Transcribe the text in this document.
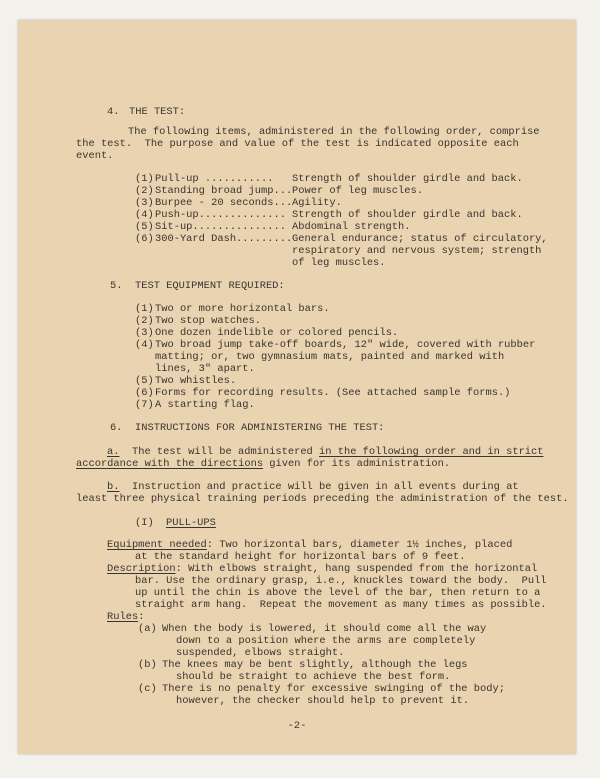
4. THE TEST:
The following items, administered in the following order, comprise
the test.  The purpose and value of the test is indicated opposite each
event.
(1) Pull-up ........... Strength of shoulder girdle and back.
(2) Standing broad jump... Power of leg muscles.
(3) Burpee - 20 seconds... Agility.
(4) Push-up.............. Strength of shoulder girdle and back.
(5) Sit-up............... Abdominal strength.
(6) 300-Yard Dash......... General endurance; status of circulatory,
respiratory and nervous system; strength
of leg muscles.
5. TEST EQUIPMENT REQUIRED:
(1) Two or more horizontal bars.
(2) Two stop watches.
(3) One dozen indelible or colored pencils.
(4) Two broad jump take-off boards, 12" wide, covered with rubber
matting; or, two gymnasium mats, painted and marked with
lines, 3" apart.
(5) Two whistles.
(6) Forms for recording results. (See attached sample forms.)
(7) A starting flag.
6. INSTRUCTIONS FOR ADMINISTERING THE TEST:
a. The test will be administered in the following order and in strict
accordance with the directions given for its administration.
b. Instruction and practice will be given in all events during at
least three physical training periods preceding the administration of the test.
(I) PULL-UPS
Equipment needed: Two horizontal bars, diameter 1½ inches, placed
at the standard height for horizontal bars of 9 feet.
Description: With elbows straight, hang suspended from the horizontal
bar. Use the ordinary grasp, i.e., knuckles toward the body.  Pull
up until the chin is above the level of the bar, then return to a
straight arm hang.  Repeat the movement as many times as possible.
Rules:
(a) When the body is lowered, it should come all the way
down to a position where the arms are completely
suspended, elbows straight.
(b) The knees may be bent slightly, although the legs
should be straight to achieve the best form.
(c) There is no penalty for excessive swinging of the body;
however, the checker should help to prevent it.
-2-
